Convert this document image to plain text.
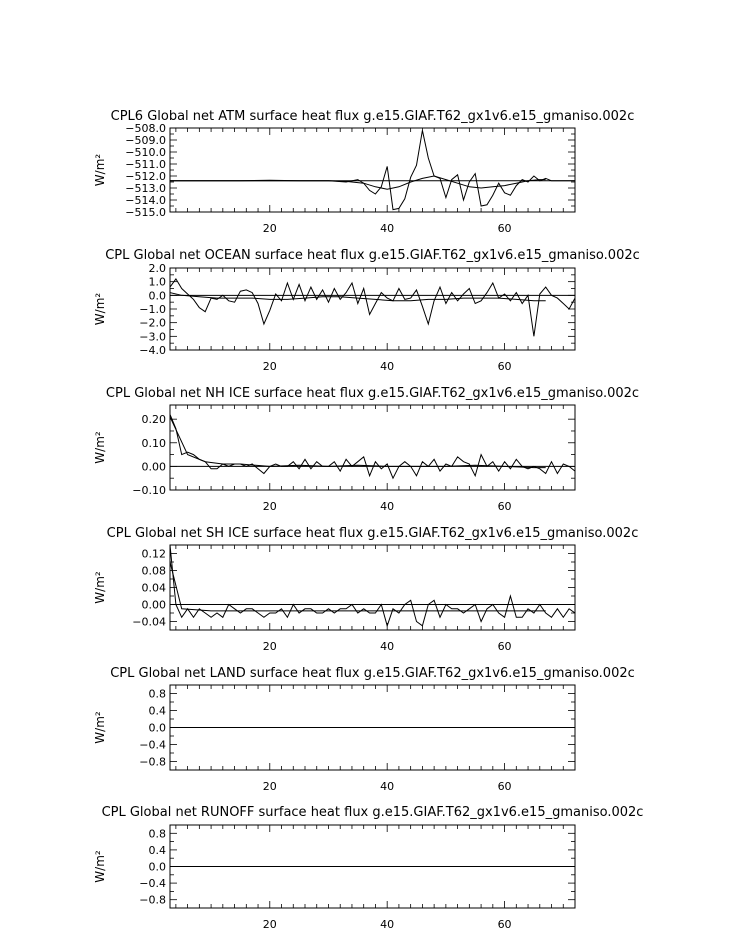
CPL6 Global net ATM surface heat flux g.e15.GIAF.T62_gx1v6.e15_gmaniso.002c
20	40	60
−508.0
−509.0
−510.0
−511.0
−512.0
−513.0
−514.0
−515.0
W/m²
CPL Global net OCEAN surface heat flux g.e15.GIAF.T62_gx1v6.e15_gmaniso.002c
20	40	60
2.0
1.0
0.0
−1.0
−2.0
−3.0
−4.0
W/m²
CPL Global net NH ICE surface heat flux g.e15.GIAF.T62_gx1v6.e15_gmaniso.002c
20	40	60
0.20
0.10
0.00
−0.10
W/m²
CPL Global net SH ICE surface heat flux g.e15.GIAF.T62_gx1v6.e15_gmaniso.002c
20	40	60
0.12
0.08
0.04
0.00
−0.04
W/m²
CPL Global net LAND surface heat flux g.e15.GIAF.T62_gx1v6.e15_gmaniso.002c
20	40	60
0.8
0.4
0.0
−0.4
−0.8
W/m²
CPL Global net RUNOFF surface heat flux g.e15.GIAF.T62_gx1v6.e15_gmaniso.002c
20	40	60
0.8
0.4
0.0
−0.4
−0.8
W/m²
